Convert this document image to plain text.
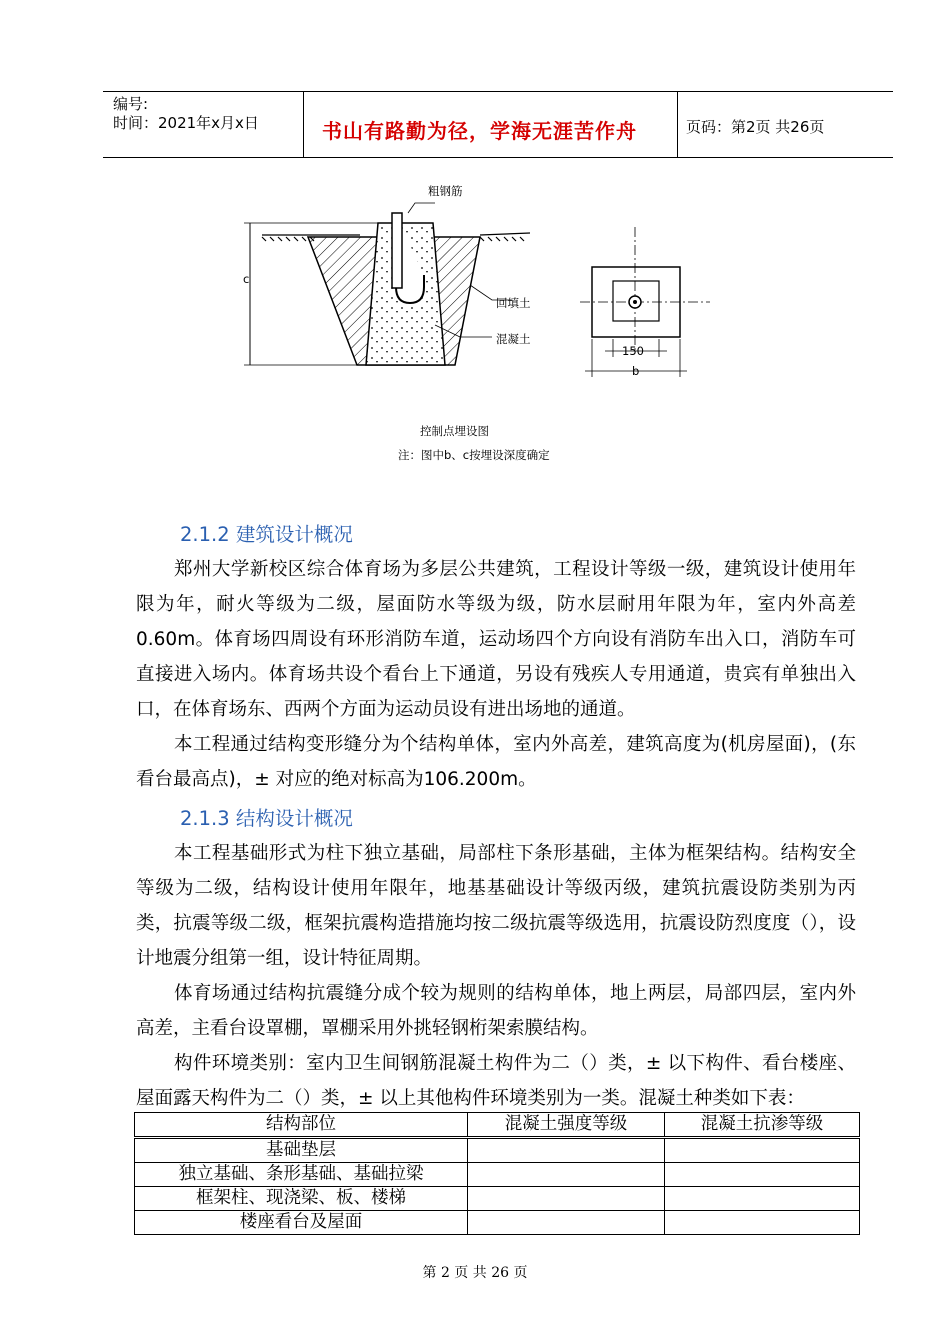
编号:
时间：2021年x月x日	书山有路勤为径，学海无涯苦作舟	页码：第2页 共26页
c
粗钢筋
回填土
混凝土
150
b
控制点埋设图
注：图中b、c按埋设深度确定
2.1.2 建筑设计概况

郑州大学新校区综合体育场为多层公共建筑，工程设计等级一级，建筑设计使用年限为年，耐火等级为二级，屋面防水等级为级，防水层耐用年限为年，室内外高差0.60m。体育场四周设有环形消防车道，运动场四个方向设有消防车出入口，消防车可直接进入场内。体育场共设个看台上下通道，另设有残疾人专用通道，贵宾有单独出入口，在体育场东、西两个方面为运动员设有进出场地的通道。

本工程通过结构变形缝分为个结构单体，室内外高差，建筑高度为(机房屋面)，(东看台最高点)，± 对应的绝对标高为106.200m。

2.1.3 结构设计概况

本工程基础形式为柱下独立基础，局部柱下条形基础，主体为框架结构。结构安全等级为二级，结构设计使用年限年，地基基础设计等级丙级，建筑抗震设防类别为丙类，抗震等级二级，框架抗震构造措施均按二级抗震等级选用，抗震设防烈度度（），设计地震分组第一组，设计特征周期。

体育场通过结构抗震缝分成个较为规则的结构单体，地上两层，局部四层，室内外高差，主看台设罩棚，罩棚采用外挑轻钢桁架索膜结构。

构件环境类别：室内卫生间钢筋混凝土构件为二（）类，± 以下构件、看台楼座、屋面露天构件为二（）类，± 以上其他构件环境类别为一类。混凝土种类如下表：

结构部位	混凝土强度等级	混凝土抗渗等级
基础垫层		
独立基础、条形基础、基础拉梁		
框架柱、现浇梁、板、楼梯		
楼座看台及屋面		
第 2 页 共 26 页
